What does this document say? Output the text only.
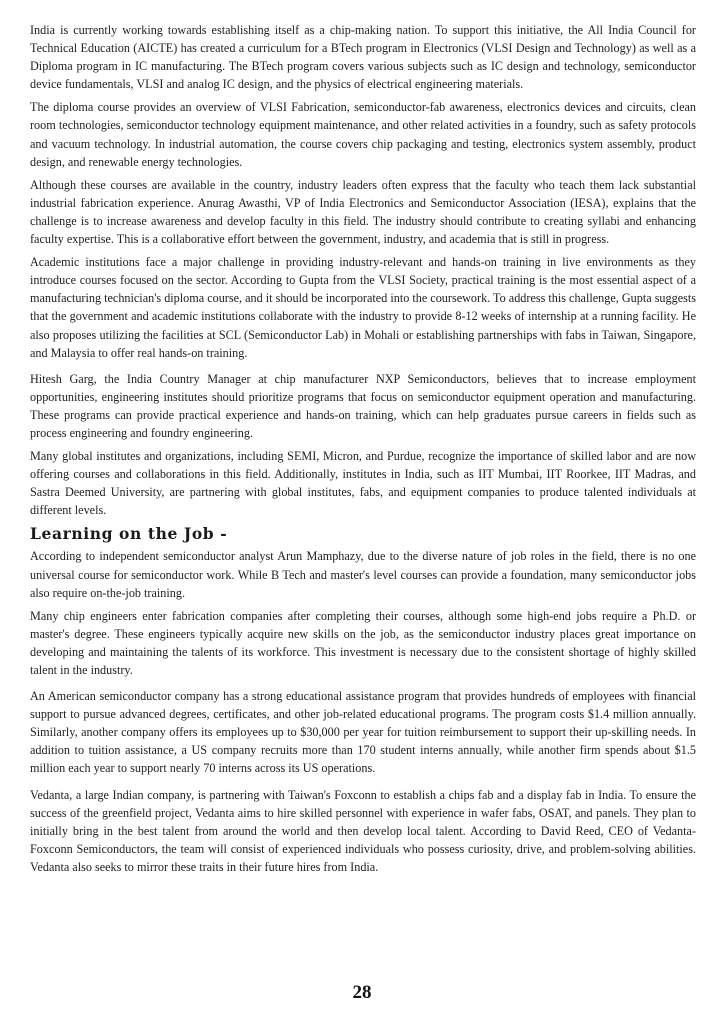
India is currently working towards establishing itself as a chip-making nation. To support this initiative, the All India Council for Technical Education (AICTE) has created a curriculum for a BTech program in Electronics (VLSI Design and Technology) as well as a Diploma program in IC manufacturing. The BTech program covers various subjects such as IC design and technology, semiconductor device fundamentals, VLSI and analog IC design, and the physics of electrical engineering materials.

The diploma course provides an overview of VLSI Fabrication, semiconductor-fab awareness, electronics devices and circuits, clean room technologies, semiconductor technology equipment maintenance, and other related activities in a foundry, such as safety protocols and vacuum technology. In industrial automation, the course covers chip packaging and testing, electronics system assembly, product design, and renewable energy technologies.

Although these courses are available in the country, industry leaders often express that the faculty who teach them lack substantial industrial fabrication experience. Anurag Awasthi, VP of India Electronics and Semiconductor Association (IESA), explains that the challenge is to increase awareness and develop faculty in this field. The industry should contribute to creating syllabi and enhancing faculty expertise. This is a collaborative effort between the government, industry, and academia that is still in progress.

Academic institutions face a major challenge in providing industry-relevant and hands-on training in live environments as they introduce courses focused on the sector. According to Gupta from the VLSI Society, practical training is the most essential aspect of a manufacturing technician's diploma course, and it should be incorporated into the coursework. To address this challenge, Gupta suggests that the government and academic institutions collaborate with the industry to provide 8-12 weeks of internship at a running facility. He also proposes utilizing the facilities at SCL (Semiconductor Lab) in Mohali or establishing partnerships with fabs in Taiwan, Singapore, and Malaysia to offer real hands-on training.

Hitesh Garg, the India Country Manager at chip manufacturer NXP Semiconductors, believes that to increase employment opportunities, engineering institutes should prioritize programs that focus on semiconductor equipment operation and manufacturing. These programs can provide practical experience and hands-on training, which can help graduates pursue careers in fields such as process engineering and foundry engineering.

Many global institutes and organizations, including SEMI, Micron, and Purdue, recognize the importance of skilled labor and are now offering courses and collaborations in this field. Additionally, institutes in India, such as IIT Mumbai, IIT Roorkee, IIT Madras, and Sastra Deemed University, are partnering with global institutes, fabs, and equipment companies to produce talented individuals at different levels.

Learning on the Job -

According to independent semiconductor analyst Arun Mamphazy, due to the diverse nature of job roles in the field, there is no one universal course for semiconductor work. While B Tech and master's level courses can provide a foundation, many semiconductor jobs also require on-the-job training.

Many chip engineers enter fabrication companies after completing their courses, although some high-end jobs require a Ph.D. or master's degree. These engineers typically acquire new skills on the job, as the semiconductor industry places great importance on developing and maintaining the talents of its workforce. This investment is necessary due to the consistent shortage of highly skilled talent in the industry.

An American semiconductor company has a strong educational assistance program that provides hundreds of employees with financial support to pursue advanced degrees, certificates, and other job-related educational programs. The program costs $1.4 million annually. Similarly, another company offers its employees up to $30,000 per year for tuition reimbursement to support their up-skilling needs. In addition to tuition assistance, a US company recruits more than 170 student interns annually, while another firm spends about $1.5 million each year to support nearly 70 interns across its US operations.

Vedanta, a large Indian company, is partnering with Taiwan's Foxconn to establish a chips fab and a display fab in India. To ensure the success of the greenfield project, Vedanta aims to hire skilled personnel with experience in wafer fabs, OSAT, and panels. They plan to initially bring in the best talent from around the world and then develop local talent. According to David Reed, CEO of Vedanta-Foxconn Semiconductors, the team will consist of experienced individuals who possess curiosity, drive, and problem-solving abilities. Vedanta also seeks to mirror these traits in their future hires from India.

28
